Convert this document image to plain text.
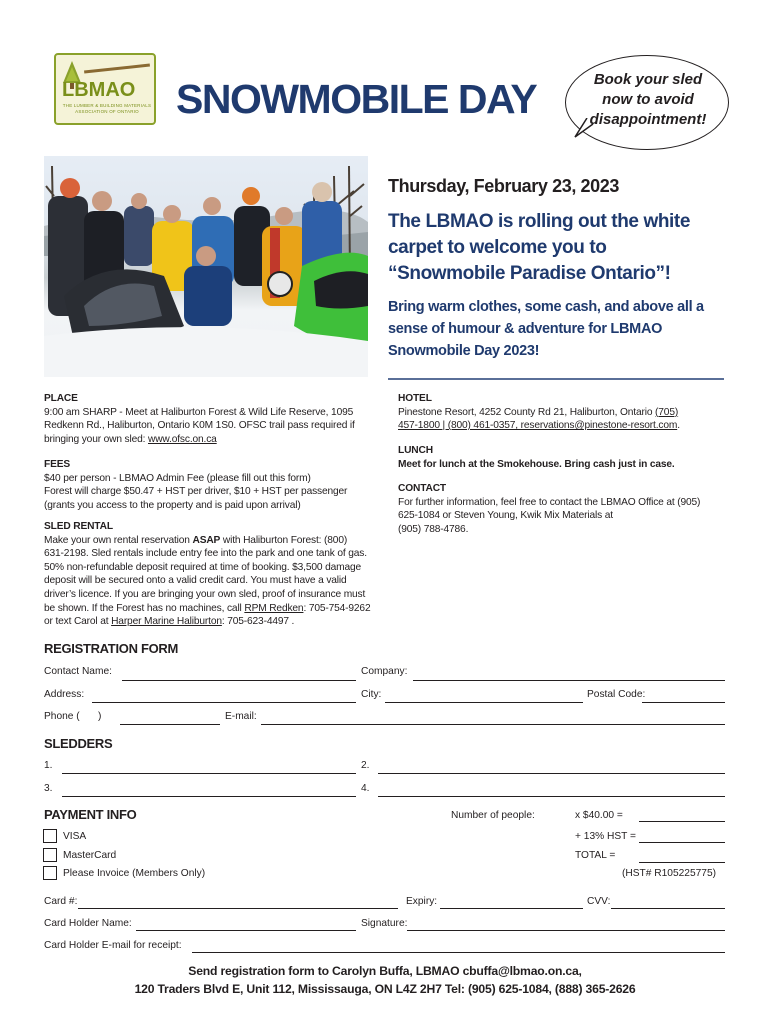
LBMAO
THE LUMBER & BUILDING MATERIALS ASSOCIATION OF ONTARIO SNOWMOBILE DAY	Book your sled
now to avoid
disappointment!
Thursday, February 23, 2023
The LBMAO is rolling out the white
carpet to welcome you to
“Snowmobile Paradise Ontario”!
Bring warm clothes, some cash, and above all a
sense of humour & adventure for LBMAO
Snowmobile Day 2023!
PLACE
9:00 am SHARP - Meet at Haliburton Forest & Wild Life Reserve, 1095
Redkenn Rd., Haliburton, Ontario K0M 1S0. OFSC trail pass required if
bringing your own sled: www.ofsc.on.ca
FEES
$40 per person - LBMAO Admin Fee (please fill out this form)
Forest will charge $50.47 + HST per driver, $10 + HST per passenger
(grants you access to the property and is paid upon arrival)
SLED RENTAL
Make your own rental reservation ASAP with Haliburton Forest: (800)
631-2198. Sled rentals include entry fee into the park and one tank of gas.
50% non-refundable deposit required at time of booking. $3,500 damage
deposit will be secured onto a valid credit card. You must have a valid
driver’s licence. If you are bringing your own sled, proof of insurance must
be shown. If the Forest has no machines, call RPM Redken: 705-754-9262
or text Carol at Harper Marine Haliburton: 705-623-4497 .
HOTEL
Pinestone Resort, 4252 County Rd 21, Haliburton, Ontario (705)
457-1800 | (800) 461-0357, reservations@pinestone-resort.com.
LUNCH
Meet for lunch at the Smokehouse. Bring cash just in case.
CONTACT
For further information, feel free to contact the LBMAO Office at (905)
625-1084 or Steven Young, Kwik Mix Materials at
(905) 788-4786.
REGISTRATION FORM
Contact Name:	Company:
Address:	City:	Postal Code:
Phone ( )	E-mail:
SLEDDERS
1.	2.
3.	4.
PAYMENT INFO	Number of people:	x $40.00 =
VISA	+ 13% HST =
MasterCard	TOTAL =
Please Invoice (Members Only)	(HST# R105225775)
Card #:	Expiry:	CVV:
Card Holder Name:	Signature:
Card Holder E-mail for receipt:
Send registration form to Carolyn Buffa, LBMAO cbuffa@lbmao.on.ca,
120 Traders Blvd E, Unit 112, Mississauga, ON L4Z 2H7 Tel: (905) 625-1084, (888) 365-2626
